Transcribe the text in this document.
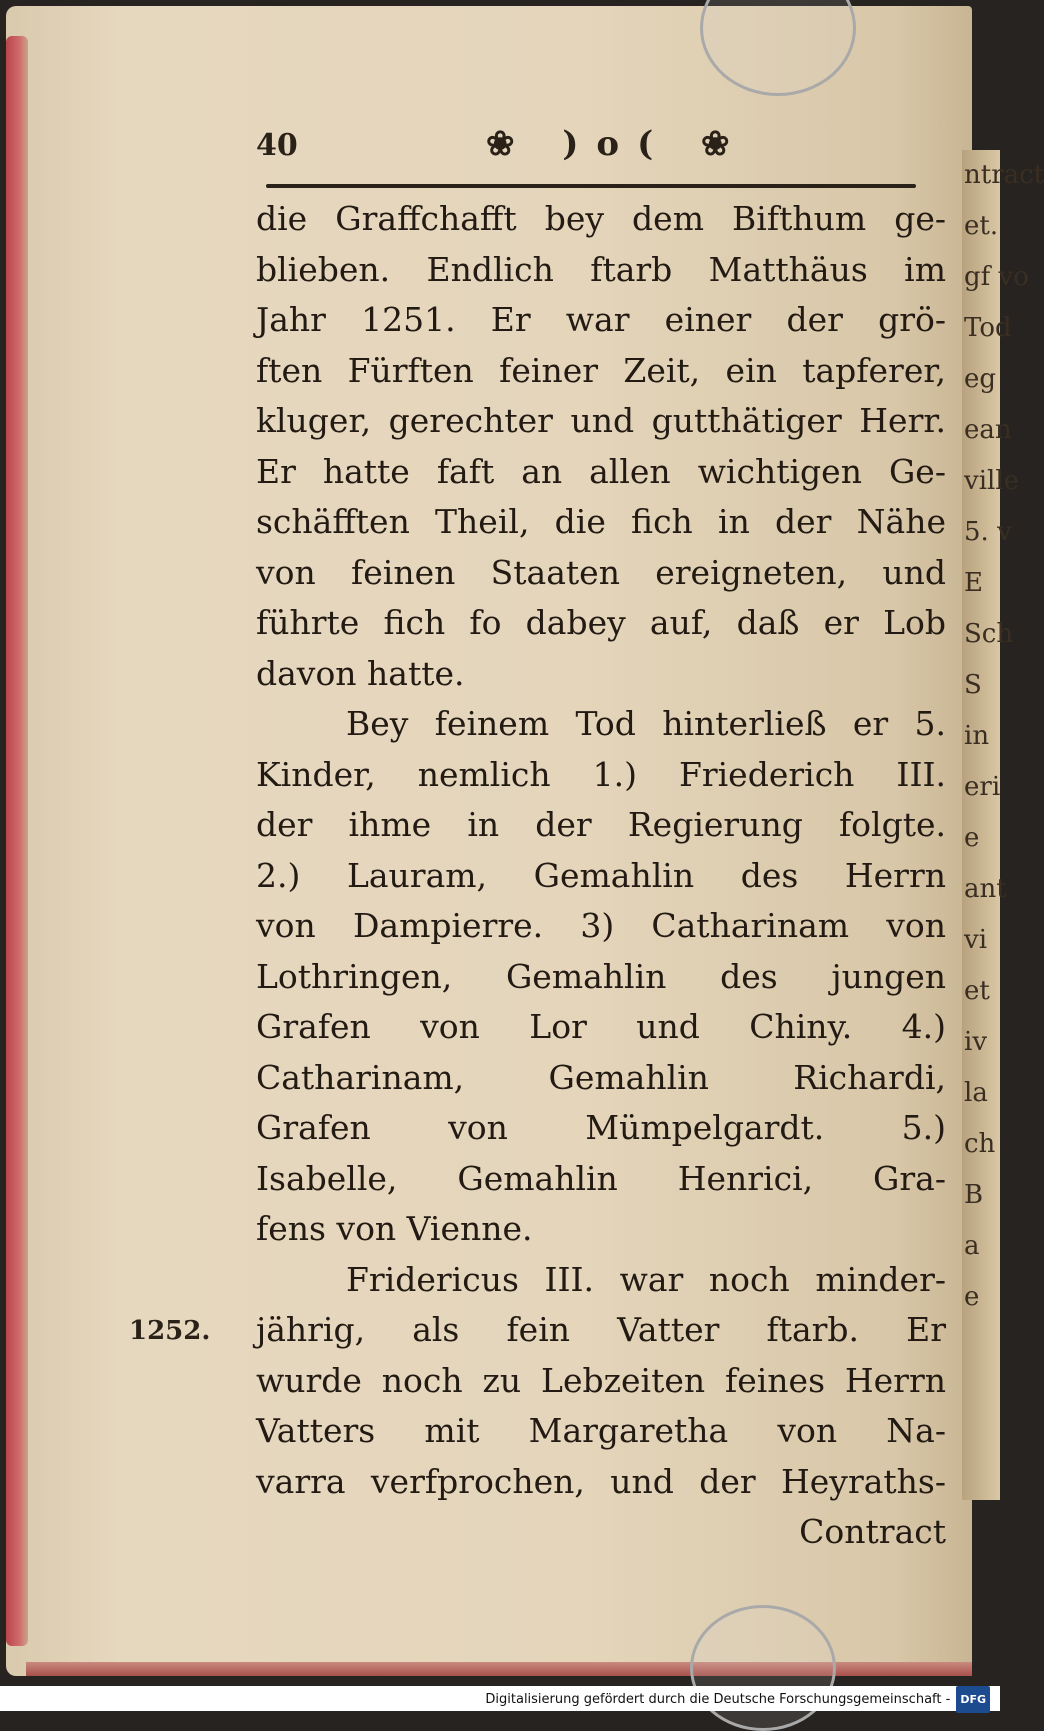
40	❀ )o( ❀
die Graffchafft bey dem Bifthum ge-
blieben. Endlich ftarb Matthäus im
Jahr 1251. Er war einer der grö-
ften Fürften feiner Zeit, ein tapferer,
kluger, gerechter und gutthätiger Herr.
Er hatte faft an allen wichtigen Ge-
schäfften Theil, die fich in der Nähe
von feinen Staaten ereigneten, und
führte fich fo dabey auf, daß er Lob
davon hatte.
Bey feinem Tod hinterließ er 5.
Kinder, nemlich 1.) Friederich III.
der ihme in der Regierung folgte.
2.) Lauram, Gemahlin des Herrn
von Dampierre. 3) Catharinam von
Lothringen, Gemahlin des jungen
Grafen von Lor und Chiny. 4.)
Catharinam, Gemahlin Richardi,
Grafen von Mümpelgardt. 5.)
Isabelle, Gemahlin Henrici, Gra-
fens von Vienne.
Fridericus III. war noch minder-
jährig, als fein Vatter ftarb. Er
wurde noch zu Lebzeiten feines Herrn
Vatters mit Margaretha von Na-
varra verfprochen, und der Heyraths-
Contract
1252.
ntract
et.
gf vo
Tod
eg
ean
ville
5. v
E
Sch
S
in
eri
e
ant
vi
et
iv
la
ch
B
a
e
Digitalisierung gefördert durch die Deutsche Forschungsgemeinschaft - DFG
